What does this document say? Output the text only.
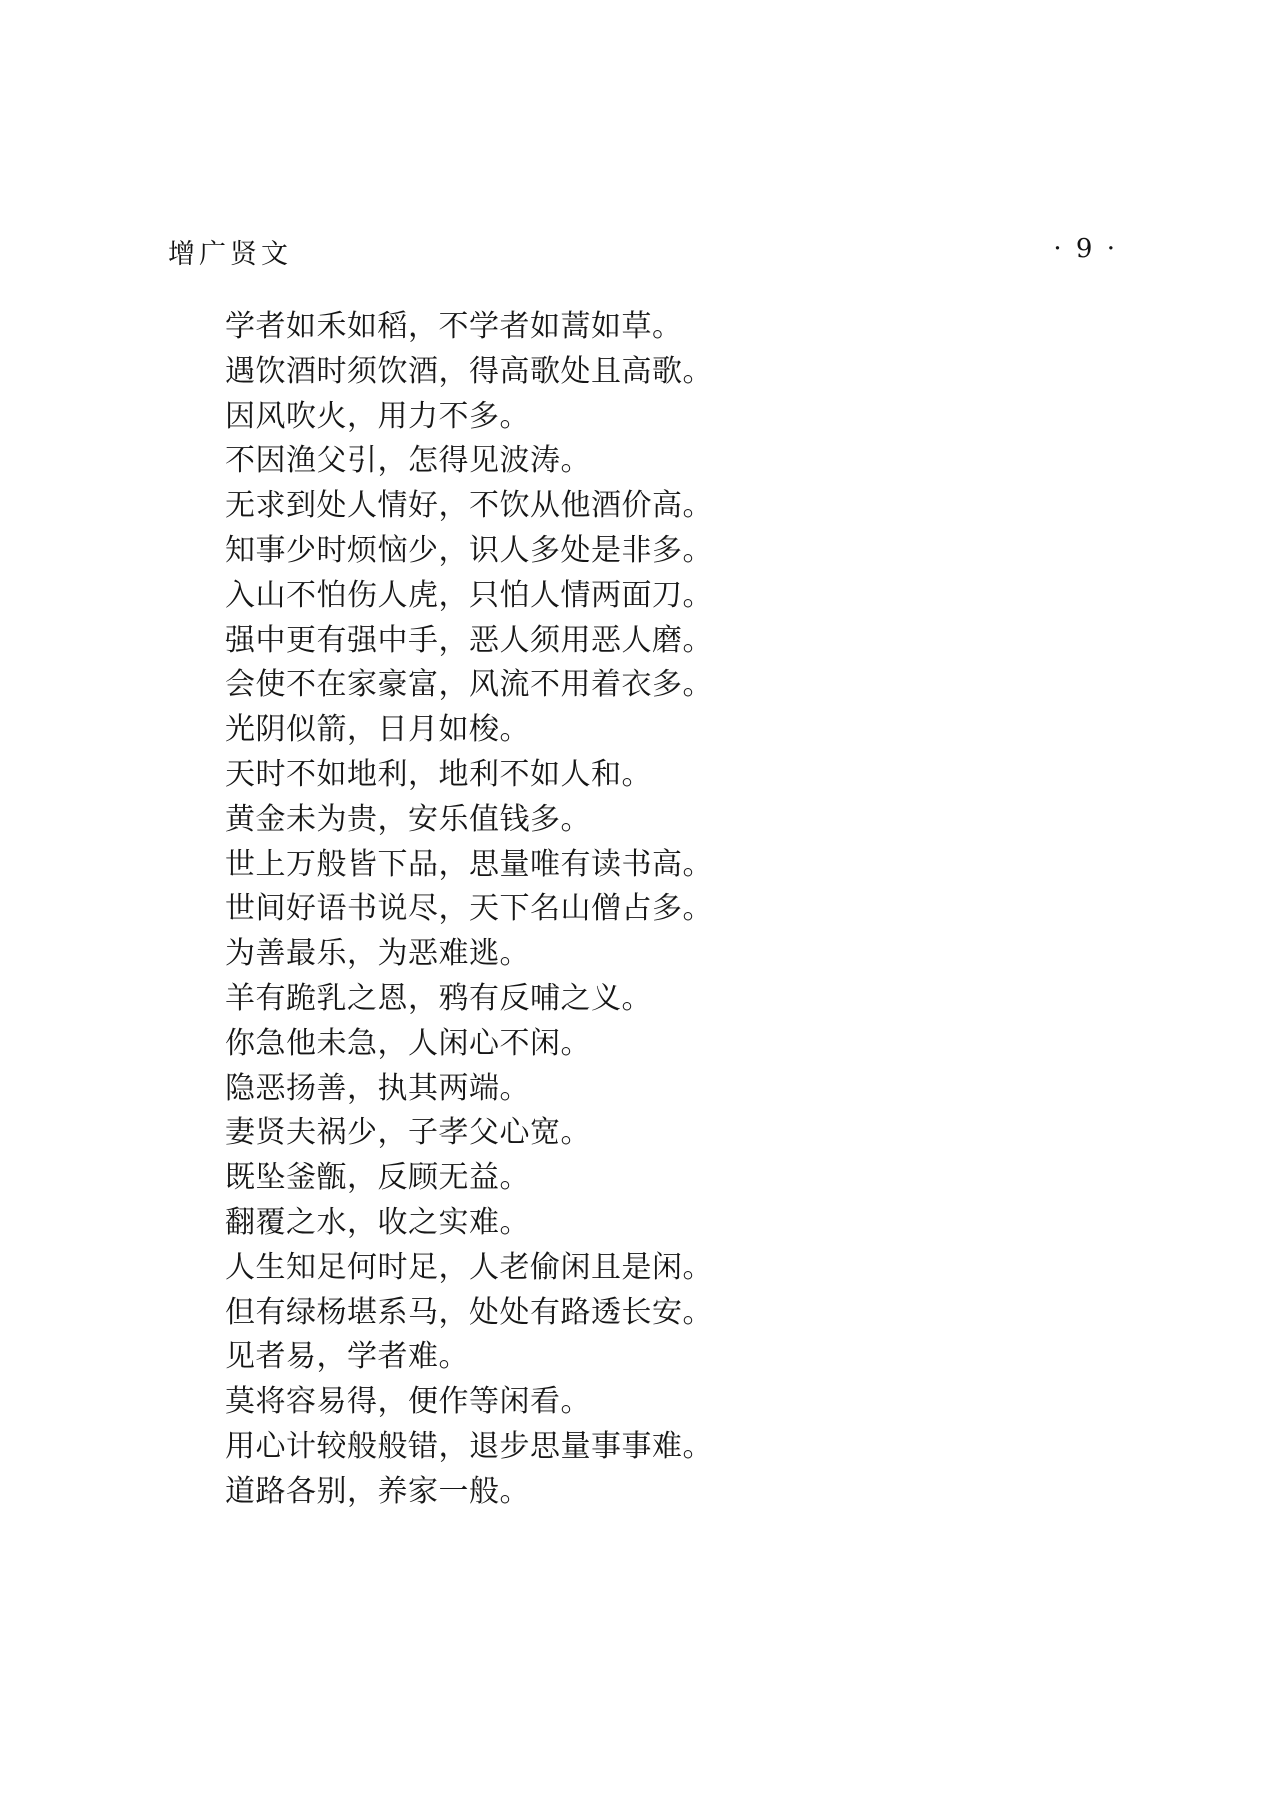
增广贤文	· 9 ·
学者如禾如稻，不学者如蒿如草。
遇饮酒时须饮酒，得高歌处且高歌。
因风吹火，用力不多。
不因渔父引，怎得见波涛。
无求到处人情好，不饮从他酒价高。
知事少时烦恼少，识人多处是非多。
入山不怕伤人虎，只怕人情两面刀。
强中更有强中手，恶人须用恶人磨。
会使不在家豪富，风流不用着衣多。
光阴似箭，日月如梭。
天时不如地利，地利不如人和。
黄金未为贵，安乐值钱多。
世上万般皆下品，思量唯有读书高。
世间好语书说尽，天下名山僧占多。
为善最乐，为恶难逃。
羊有跪乳之恩，鸦有反哺之义。
你急他未急，人闲心不闲。
隐恶扬善，执其两端。
妻贤夫祸少，子孝父心宽。
既坠釜甑，反顾无益。
翻覆之水，收之实难。
人生知足何时足，人老偷闲且是闲。
但有绿杨堪系马，处处有路透长安。
见者易，学者难。
莫将容易得，便作等闲看。
用心计较般般错，退步思量事事难。
道路各别，养家一般。
